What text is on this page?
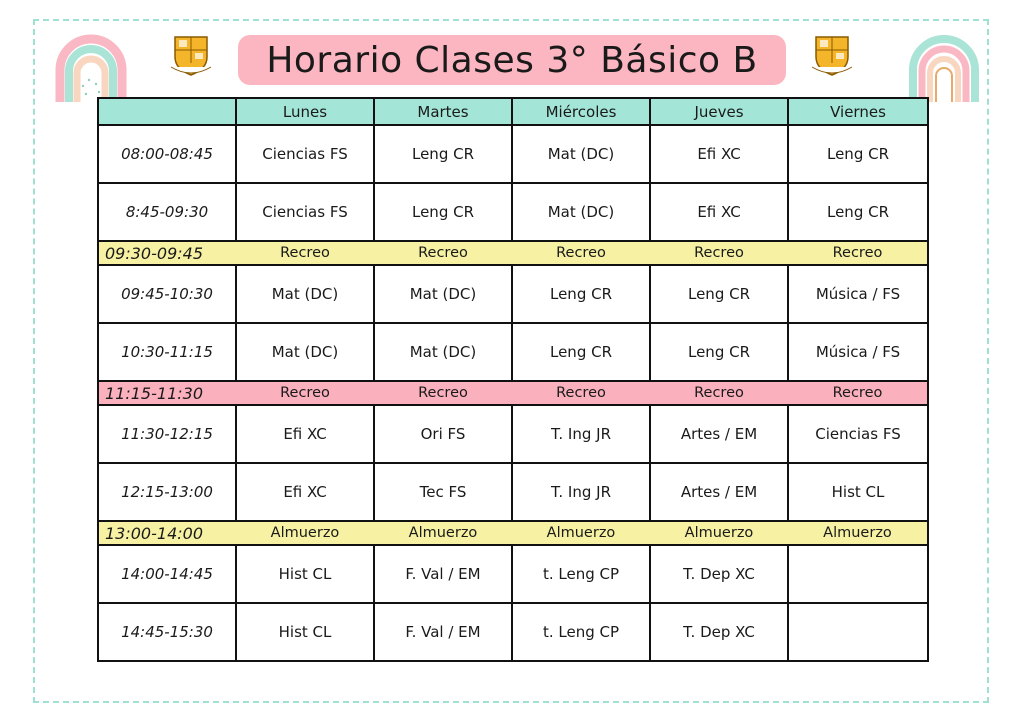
Horario Clases 3° Básico B
	Lunes	Martes	Miércoles	Jueves	Viernes
08:00-08:45	Ciencias FS	Leng CR	Mat (DC)	Efi XC	Leng CR
8:45-09:30	Ciencias FS	Leng CR	Mat (DC)	Efi XC	Leng CR
09:30-09:45	Recreo	Recreo	Recreo	Recreo	Recreo
09:45-10:30	Mat (DC)	Mat (DC)	Leng CR	Leng CR	Música / FS
10:30-11:15	Mat (DC)	Mat (DC)	Leng CR	Leng CR	Música / FS
11:15-11:30	Recreo	Recreo	Recreo	Recreo	Recreo
11:30-12:15	Efi XC	Ori FS	T. Ing JR	Artes / EM	Ciencias FS
12:15-13:00	Efi XC	Tec FS	T. Ing JR	Artes / EM	Hist CL
13:00-14:00	Almuerzo	Almuerzo	Almuerzo	Almuerzo	Almuerzo
14:00-14:45	Hist CL	F. Val / EM	t. Leng CP	T. Dep XC	
14:45-15:30	Hist CL	F. Val / EM	t. Leng CP	T. Dep XC	
